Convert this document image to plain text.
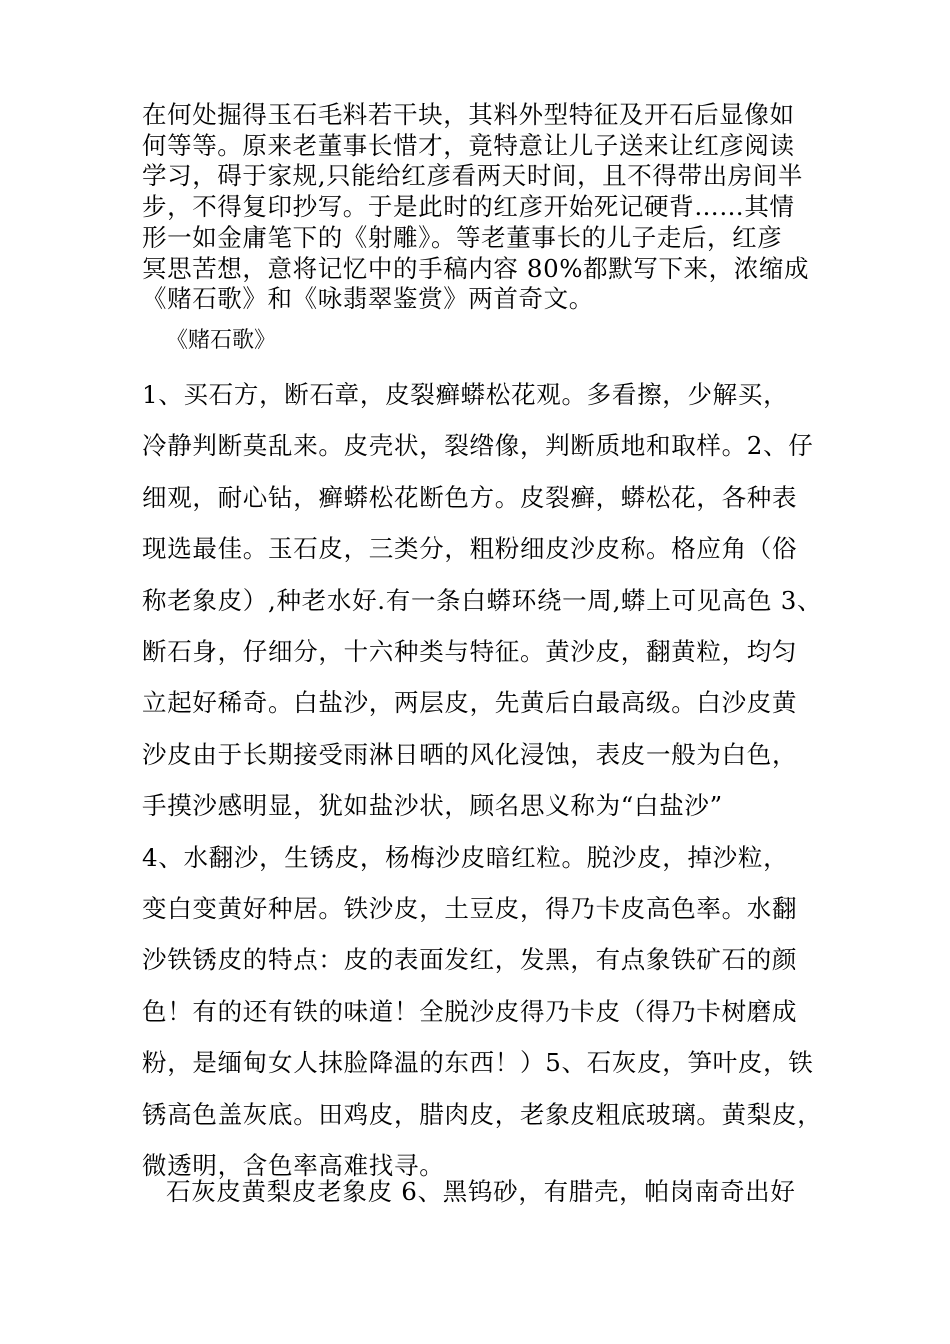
在何处掘得玉石毛料若干块，其料外型特征及开石后显像如
何等等。原来老董事长惜才，竟特意让儿子送来让红彦阅读
学习，碍于家规,只能给红彦看两天时间，且不得带出房间半
步，不得复印抄写。于是此时的红彦开始死记硬背……其情
形一如金庸笔下的《射雕》。等老董事长的儿子走后，红彦
冥思苦想，意将记忆中的手稿内容 80%都默写下来，浓缩成
《赌石歌》和《咏翡翠鉴赏》两首奇文。

《赌石歌》

1、买石方，断石章，皮裂癣蟒松花观。多看擦，少解买，
冷静判断莫乱来。皮壳状，裂绺像，判断质地和取样。2、仔
细观，耐心钻，癣蟒松花断色方。皮裂癣，蟒松花，各种表
现选最佳。玉石皮，三类分，粗粉细皮沙皮称。格应角（俗
称老象皮）,种老水好.有一条白蟒环绕一周,蟒上可见高色 3、
断石身，仔细分，十六种类与特征。黄沙皮，翻黄粒，均匀
立起好稀奇。白盐沙，两层皮，先黄后白最高级。白沙皮黄
沙皮由于长期接受雨淋日晒的风化浸蚀，表皮一般为白色，
手摸沙感明显，犹如盐沙状，顾名思义称为“白盐沙”
4、水翻沙，生锈皮，杨梅沙皮暗红粒。脱沙皮，掉沙粒，
变白变黄好种居。铁沙皮，土豆皮，得乃卡皮高色率。水翻
沙铁锈皮的特点：皮的表面发红，发黑，有点象铁矿石的颜
色！有的还有铁的味道！全脱沙皮得乃卡皮（得乃卡树磨成
粉，是缅甸女人抹脸降温的东西！）5、石灰皮，笋叶皮，铁
锈高色盖灰底。田鸡皮，腊肉皮，老象皮粗底玻璃。黄梨皮，
微透明，含色率高难找寻。

石灰皮黄梨皮老象皮 6、黑钨砂，有腊壳，帕岗南奇出好
